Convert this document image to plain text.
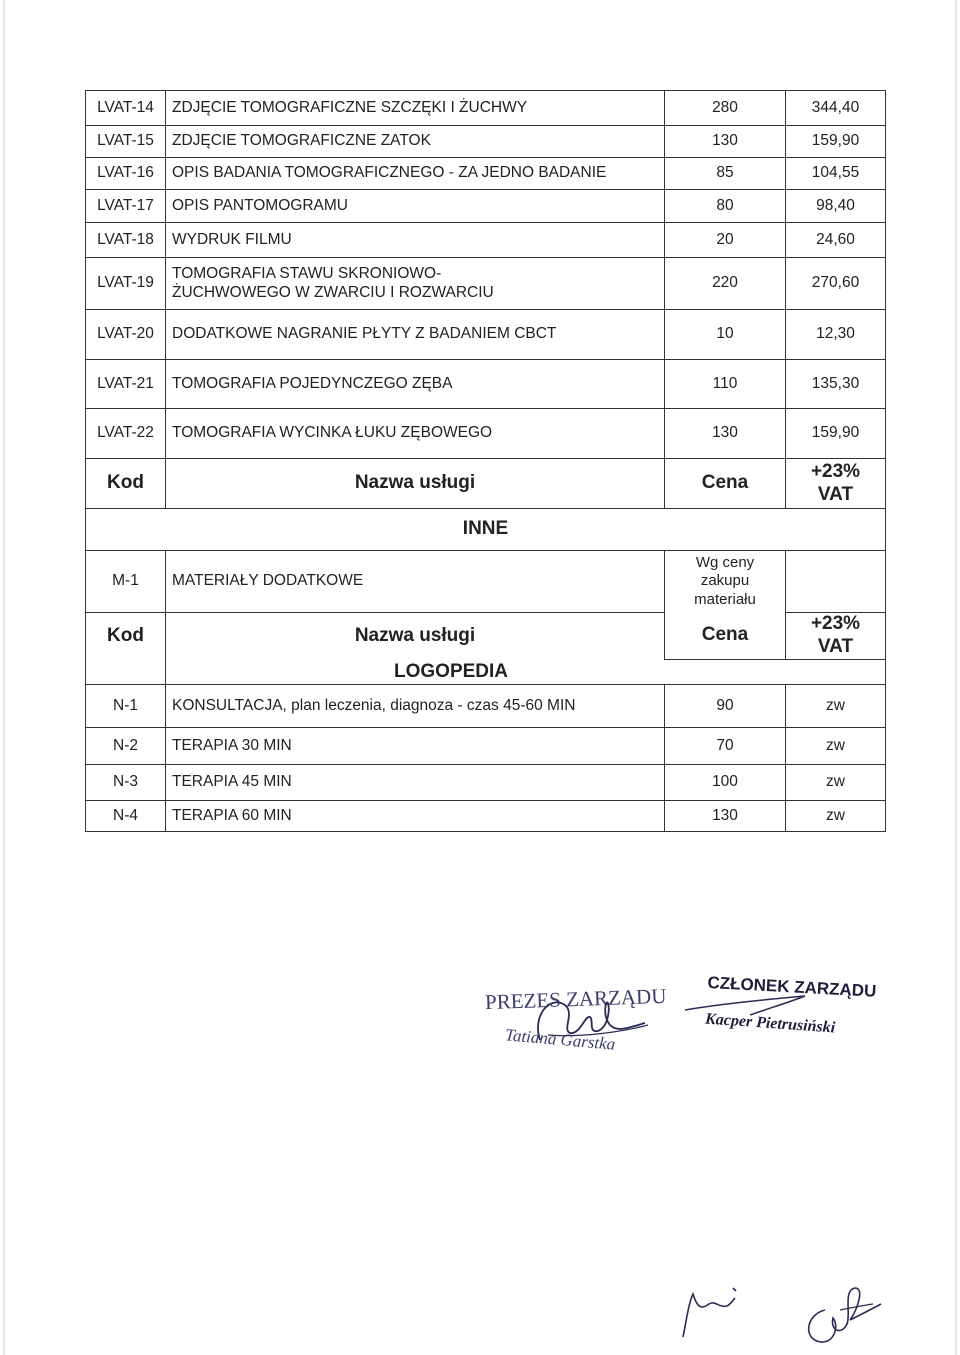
LVAT-14	ZDJĘCIE TOMOGRAFICZNE SZCZĘKI I ŻUCHWY	280	344,40
LVAT-15	ZDJĘCIE TOMOGRAFICZNE ZATOK	130	159,90
LVAT-16	OPIS BADANIA TOMOGRAFICZNEGO - ZA JEDNO BADANIE	85	104,55
LVAT-17	OPIS PANTOMOGRAMU	80	98,40
LVAT-18	WYDRUK FILMU	20	24,60
LVAT-19	TOMOGRAFIA STAWU SKRONIOWO-ŻUCHWOWEGO W ZWARCIU I ROZWARCIU	220	270,60
LVAT-20	DODATKOWE NAGRANIE PŁYTY Z BADANIEM CBCT	10	12,30
LVAT-21	TOMOGRAFIA POJEDYNCZEGO ZĘBA	110	135,30
LVAT-22	TOMOGRAFIA WYCINKA ŁUKU ZĘBOWEGO	130	159,90
Kod	Nazwa usługi	Cena	+23%
VAT

INNE			
M-1	MATERIAŁY DODATKOWE	Wg ceny
zakupu
materiału	

Kod	Nazwa usługi	Cena	+23%
VAT

	LOGOPEDIA		
N-1	KONSULTACJA, plan leczenia, diagnoza - czas 45-60 MIN	90	zw
N-2	TERAPIA 30 MIN	70	zw
N-3	TERAPIA 45 MIN	100	zw
N-4	TERAPIA 60 MIN	130	zw
PREZES ZARZĄDU
Tatiana Garstka
CZŁONEK ZARZĄDU
Kacper Pietrusiński
